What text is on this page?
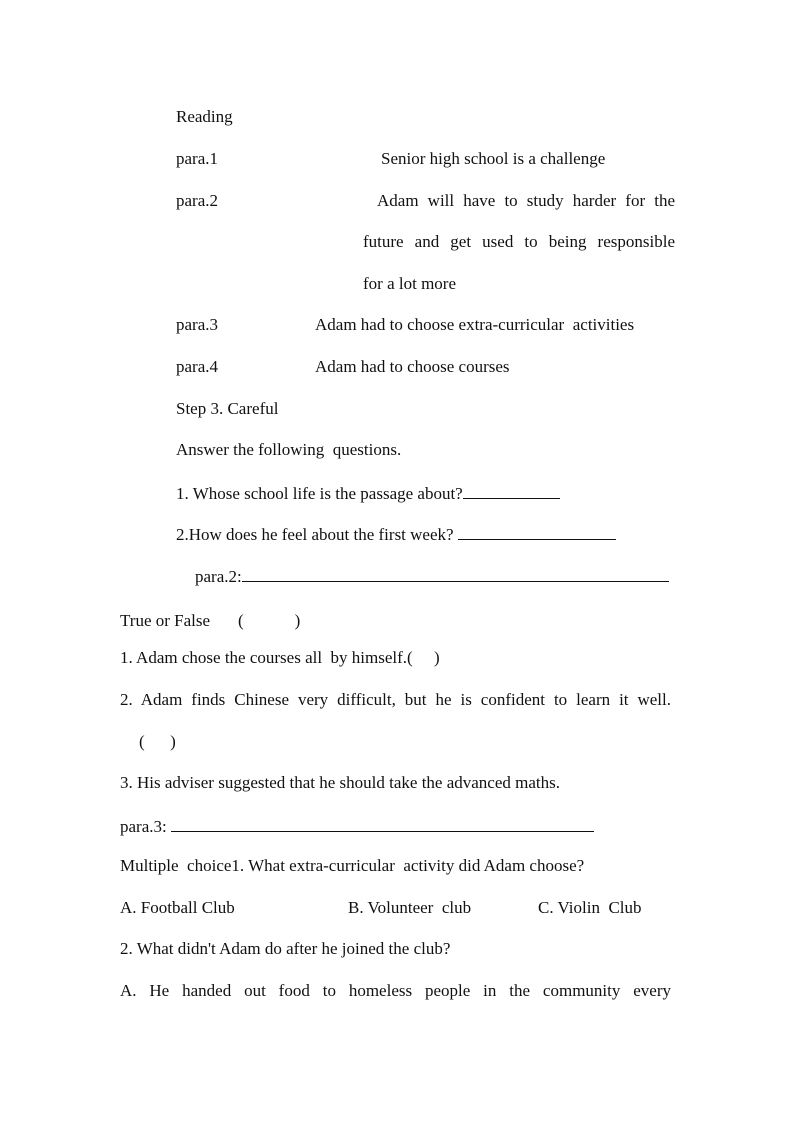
Reading
para.1	Senior high school is a challenge
para.2	Adam will have to study harder for the
future and get used to being responsible
for a lot more
para.3	Adam had to choose extra-curricular  activities
para.4	Adam had to choose courses
Step 3. Careful
Answer the following  questions.
1. Whose school life is the passage about?
2.How does he feel about the first week?
para.2:
True or False (            )
1. Adam chose the courses all  by himself.(     )
2. Adam finds Chinese very difficult, but he is confident to learn it well.
(      )
3. His adviser suggested that he should take the advanced maths.
para.3:
Multiple  choice1. What extra-curricular  activity did Adam choose?
A. Football Club	B. Volunteer  club	C. Violin  Club
2. What didn't Adam do after he joined the club?
A. He handed out food to homeless people in the community every
